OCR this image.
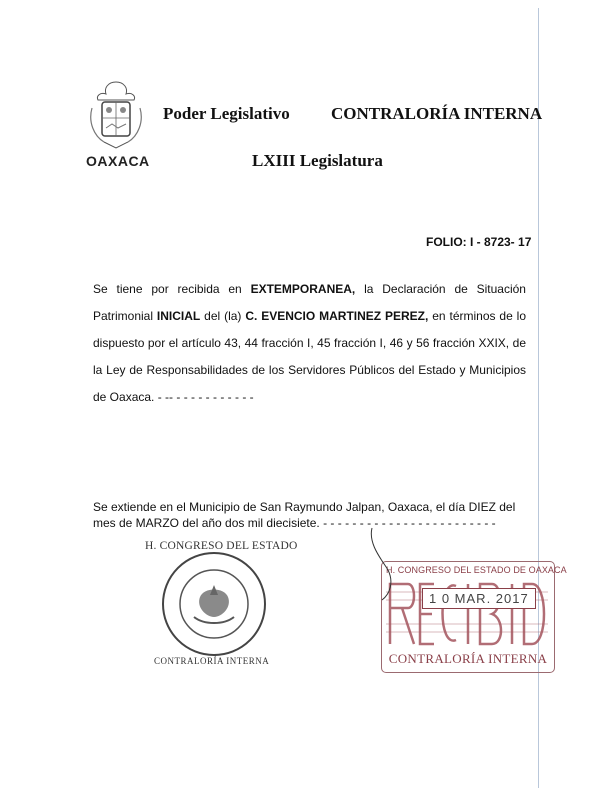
OAXACA
Poder Legislativo CONTRALORÍA INTERNA
LXIII Legislatura
FOLIO: I - 8723- 17

Se tiene por recibida en EXTEMPORANEA, la Declaración de Situación

Patrimonial INICIAL del (la) C. EVENCIO MARTINEZ PEREZ, en términos de lo

dispuesto por el artículo 43, 44 fracción I, 45 fracción I, 46 y 56 fracción XXIX, de

la Ley de Responsabilidades de los Servidores Públicos del Estado y Municipios

de Oaxaca. - -- - - - - - - - - - - -

Se extiende en el Municipio de San Raymundo Jalpan, Oaxaca, el día DIEZ del

mes de MARZO del año dos mil diecisiete. - - - - - - - - - - - - - - - - - - - - - - - -

H. CONGRESO DEL ESTADO
CONTRALORÍA INTERNA
H. CONGRESO DEL ESTADO DE OAXACA
1 0 MAR. 2017
CONTRALORÍA INTERNA
